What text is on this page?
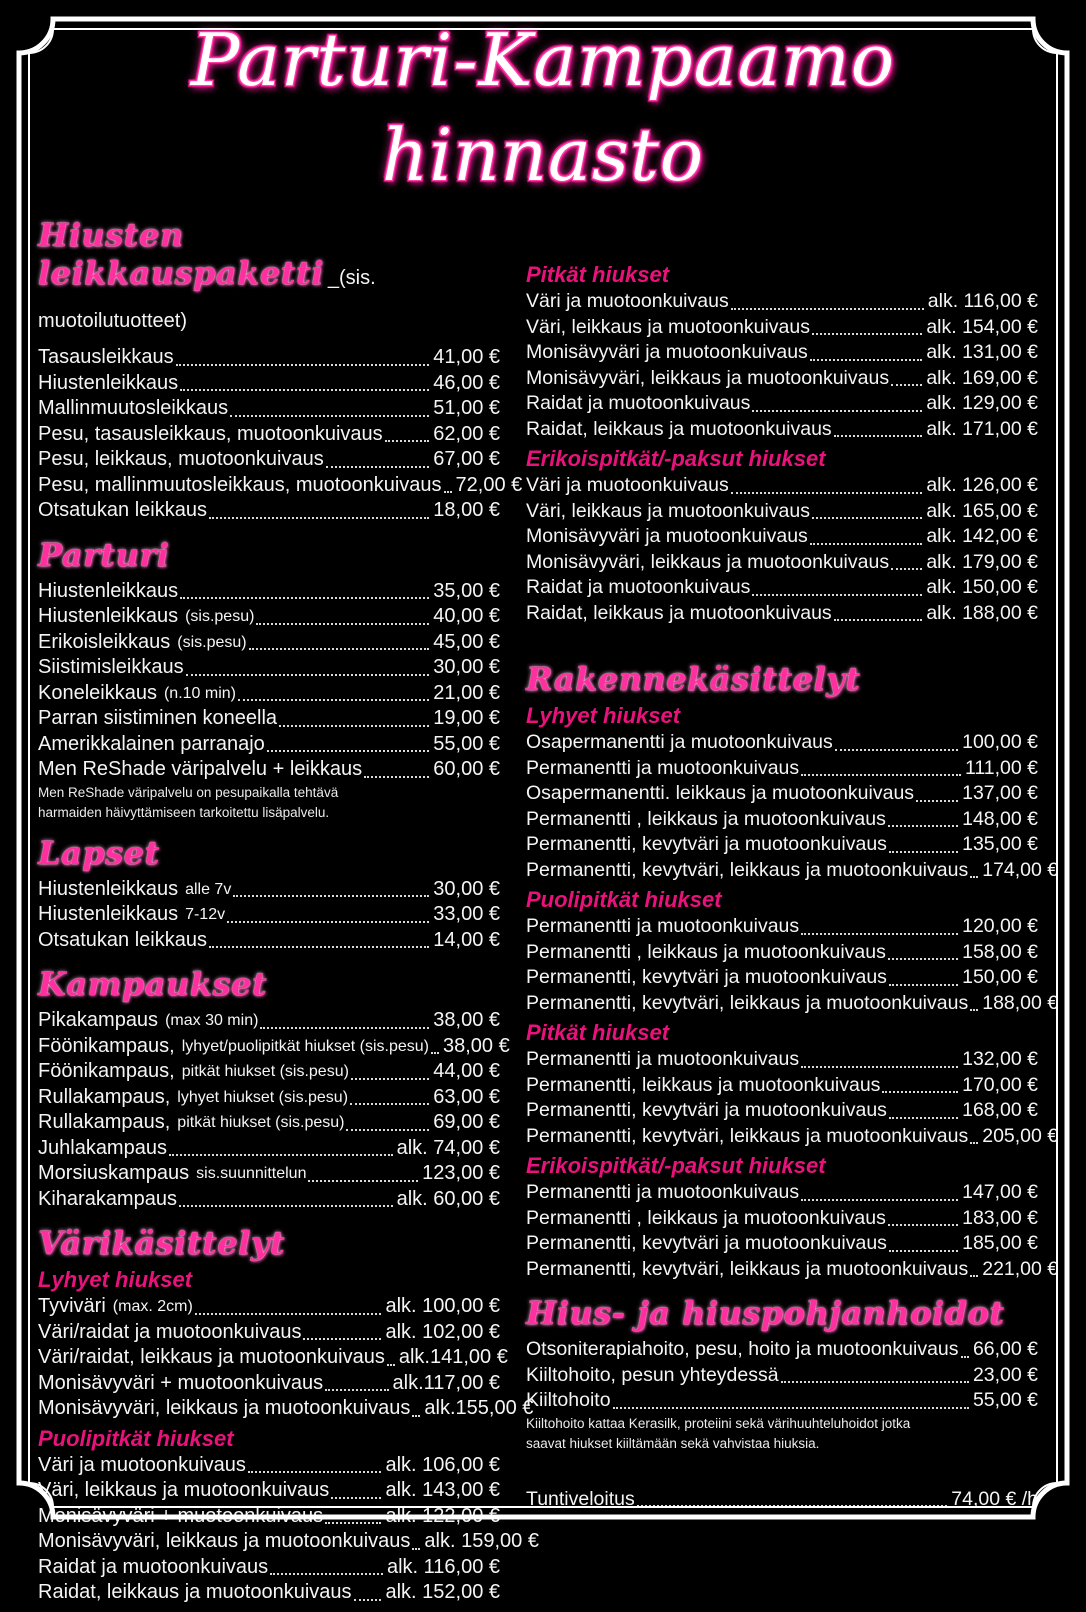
Parturi-Kampaamo
hinnasto
Hiusten leikkauspaketti _(sis. muotoilutuotteet)
Tasausleikkaus	41,00 €
Hiustenleikkaus	46,00 €
Mallinmuutosleikkaus	51,00 €
Pesu, tasausleikkaus, muotoonkuivaus	62,00 €
Pesu, leikkaus, muotoonkuivaus	67,00 €
Pesu, mallinmuutosleikkaus, muotoonkuivaus 72,00 €
Otsatukan leikkaus	18,00 €
Parturi
Hiustenleikkaus	35,00 €
Hiustenleikkaus (sis.pesu)	40,00 €
Erikoisleikkaus (sis.pesu)	45,00 €
Siistimisleikkaus	30,00 €
Koneleikkaus (n.10 min)	21,00 €
Parran siistiminen koneella	19,00 €
Amerikkalainen parranajo	55,00 €
Men ReShade väripalvelu + leikkaus	60,00 €
Men ReShade väripalvelu on pesupaikalla tehtävä
harmaiden häivyttämiseen tarkoitettu lisäpalvelu.
Lapset
Hiustenleikkaus alle 7v	30,00 €
Hiustenleikkaus 7-12v	33,00 €
Otsatukan leikkaus	14,00 €
Kampaukset
Pikakampaus (max 30 min)	38,00 €
Föönikampaus, lyhyet/puolipitkät hiukset (sis.pesu) 38,00 €
Föönikampaus, pitkät hiukset (sis.pesu)	44,00 €
Rullakampaus, lyhyet hiukset (sis.pesu)	63,00 €
Rullakampaus, pitkät hiukset (sis.pesu)	69,00 €
Juhlakampaus	alk. 74,00 €
Morsiuskampaus sis.suunnittelun	123,00 €
Kiharakampaus	alk. 60,00 €
Värikäsittelyt
Lyhyet hiukset
Tyviväri (max. 2cm)	alk. 100,00 €
Väri/raidat ja muotoonkuivaus	alk. 102,00 €
Väri/raidat, leikkaus ja muotoonkuivaus alk.141,00 €
Monisävyväri + muotoonkuivaus	alk.117,00 €
Monisävyväri, leikkaus ja muotoonkuivaus alk.155,00 €
Puolipitkät hiukset
Väri ja muotoonkuivaus	alk. 106,00 €
Väri, leikkaus ja muotoonkuivaus	alk. 143,00 €
Monisävyväri + muotoonkuivaus	alk. 122,00 €
Monisävyväri, leikkaus ja muotoonkuivaus alk. 159,00 €
Raidat ja muotoonkuivaus	alk. 116,00 €
Raidat, leikkaus ja muotoonkuivaus alk. 152,00 €
Pitkät hiukset
Väri ja muotoonkuivaus	alk. 116,00 €
Väri, leikkaus ja muotoonkuivaus	alk. 154,00 €
Monisävyväri ja muotoonkuivaus	alk. 131,00 €
Monisävyväri, leikkaus ja muotoonkuivaus alk. 169,00 €
Raidat ja muotoonkuivaus	alk. 129,00 €
Raidat, leikkaus ja muotoonkuivaus	alk. 171,00 €
Erikoispitkät/-paksut hiukset
Väri ja muotoonkuivaus	alk. 126,00 €
Väri, leikkaus ja muotoonkuivaus	alk. 165,00 €
Monisävyväri ja muotoonkuivaus	alk. 142,00 €
Monisävyväri, leikkaus ja muotoonkuivaus alk. 179,00 €
Raidat ja muotoonkuivaus	alk. 150,00 €
Raidat, leikkaus ja muotoonkuivaus	alk. 188,00 €
Rakennekäsittelyt
Lyhyet hiukset
Osapermanentti ja muotoonkuivaus	100,00 €
Permanentti ja muotoonkuivaus	111,00 €
Osapermanentti. leikkaus ja muotoonkuivaus 137,00 €
Permanentti , leikkaus ja muotoonkuivaus	148,00 €
Permanentti, kevytväri ja muotoonkuivaus	135,00 €
Permanentti, kevytväri, leikkaus ja muotoonkuivaus 174,00 €
Puolipitkät hiukset
Permanentti ja muotoonkuivaus	120,00 €
Permanentti , leikkaus ja muotoonkuivaus	158,00 €
Permanentti, kevytväri ja muotoonkuivaus	150,00 €
Permanentti, kevytväri, leikkaus ja muotoonkuivaus 188,00 €
Pitkät hiukset
Permanentti ja muotoonkuivaus	132,00 €
Permanentti, leikkaus ja muotoonkuivaus	170,00 €
Permanentti, kevytväri ja muotoonkuivaus	168,00 €
Permanentti, kevytväri, leikkaus ja muotoonkuivaus 205,00 €
Erikoispitkät/-paksut hiukset
Permanentti ja muotoonkuivaus	147,00 €
Permanentti , leikkaus ja muotoonkuivaus	183,00 €
Permanentti, kevytväri ja muotoonkuivaus	185,00 €
Permanentti, kevytväri, leikkaus ja muotoonkuivaus 221,00 €
Hius- ja hiuspohjanhoidot
Otsoniterapiahoito, pesu, hoito ja muotoonkuivaus 66,00 €
Kiiltohoito, pesun yhteydessä	23,00 €
Kiiltohoito	55,00 €
Kiiltohoito kattaa Kerasilk, proteiini sekä värihuuhteluhoidot jotka
saavat hiukset kiiltämään sekä vahvistaa hiuksia.
Tuntiveloitus	74,00 € /h
